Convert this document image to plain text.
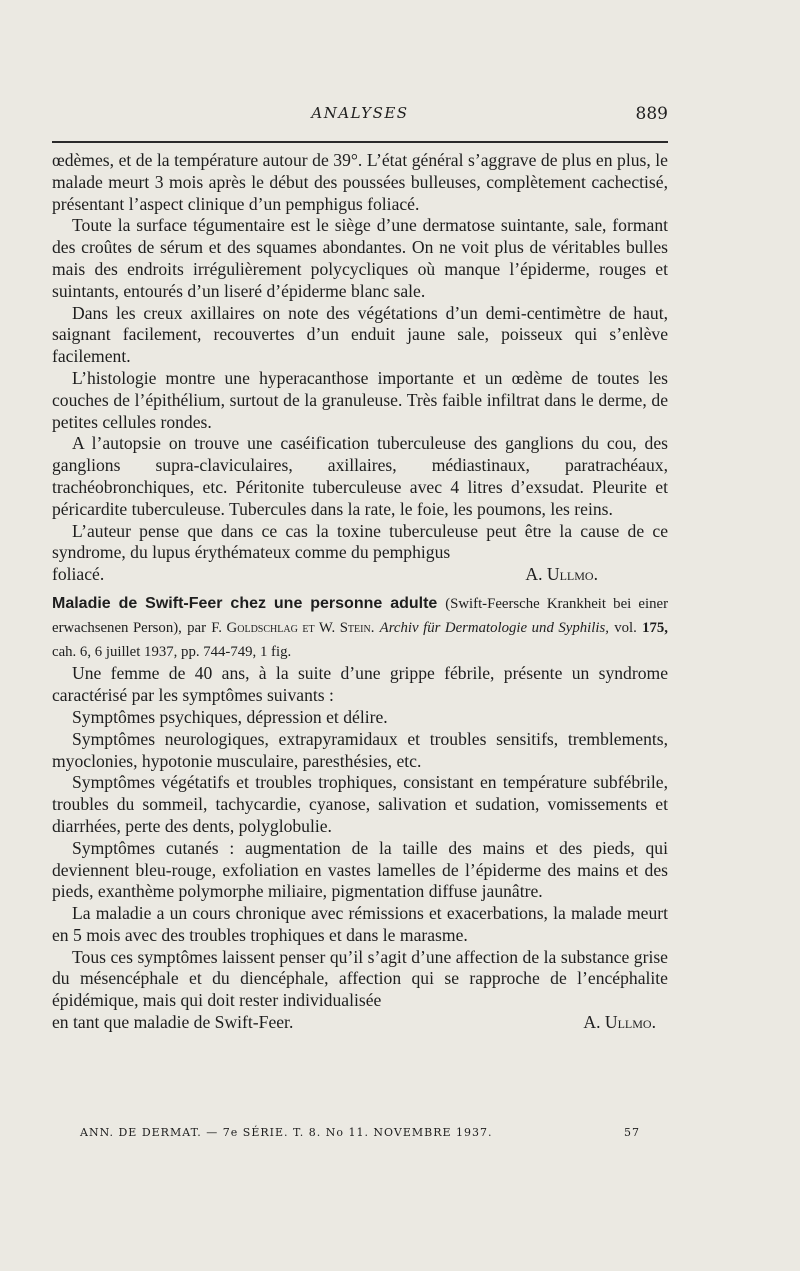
ANALYSES	889

œdèmes, et de la température autour de 39°. L’état général s’aggrave de plus en plus, le malade meurt 3 mois après le début des poussées bulleuses, complètement cachectisé, présentant l’aspect clinique d’un pemphigus foliacé.

Toute la surface tégumentaire est le siège d’une dermatose suintante, sale, formant des croûtes de sérum et des squames abondantes. On ne voit plus de véritables bulles mais des endroits irrégulièrement polycycliques où manque l’épiderme, rouges et suintants, entourés d’un liseré d’épiderme blanc sale.

Dans les creux axillaires on note des végétations d’un demi-centimètre de haut, saignant facilement, recouvertes d’un enduit jaune sale, poisseux qui s’enlève facilement.

L’histologie montre une hyperacanthose importante et un œdème de toutes les couches de l’épithélium, surtout de la granuleuse. Très faible infiltrat dans le derme, de petites cellules rondes.

A l’autopsie on trouve une caséification tuberculeuse des ganglions du cou, des ganglions supra-claviculaires, axillaires, médiastinaux, paratrachéaux, trachéobronchiques, etc. Péritonite tuberculeuse avec 4 litres d’exsudat. Pleurite et péricardite tuberculeuse. Tubercules dans la rate, le foie, les poumons, les reins.

L’auteur pense que dans ce cas la toxine tuberculeuse peut être la cause de ce syndrome, du lupus érythémateux comme du pemphigus

foliacé.	A. Ullmo.

Maladie de Swift-Feer chez une personne adulte (Swift-Feersche Krankheit bei einer erwachsenen Person), par F. Goldschlag et W. Stein. Archiv für Dermatologie und Syphilis, vol. 175, cah. 6, 6 juillet 1937, pp. 744-749, 1 fig.

Une femme de 40 ans, à la suite d’une grippe fébrile, présente un syndrome caractérisé par les symptômes suivants :

Symptômes psychiques, dépression et délire.

Symptômes neurologiques, extrapyramidaux et troubles sensitifs, tremblements, myoclonies, hypotonie musculaire, paresthésies, etc.

Symptômes végétatifs et troubles trophiques, consistant en température subfébrile, troubles du sommeil, tachycardie, cyanose, salivation et sudation, vomissements et diarrhées, perte des dents, polyglobulie.

Symptômes cutanés : augmentation de la taille des mains et des pieds, qui deviennent bleu-rouge, exfoliation en vastes lamelles de l’épiderme des mains et des pieds, exanthème polymorphe miliaire, pigmentation diffuse jaunâtre.

La maladie a un cours chronique avec rémissions et exacerbations, la malade meurt en 5 mois avec des troubles trophiques et dans le marasme.

Tous ces symptômes laissent penser qu’il s’agit d’une affection de la substance grise du mésencéphale et du diencéphale, affection qui se rapproche de l’encéphalite épidémique, mais qui doit rester individualisée

en tant que maladie de Swift-Feer.	A. Ullmo.

ANN. DE DERMAT. — 7e SÉRIE. T. 8. No 11. NOVEMBRE 1937.	57
